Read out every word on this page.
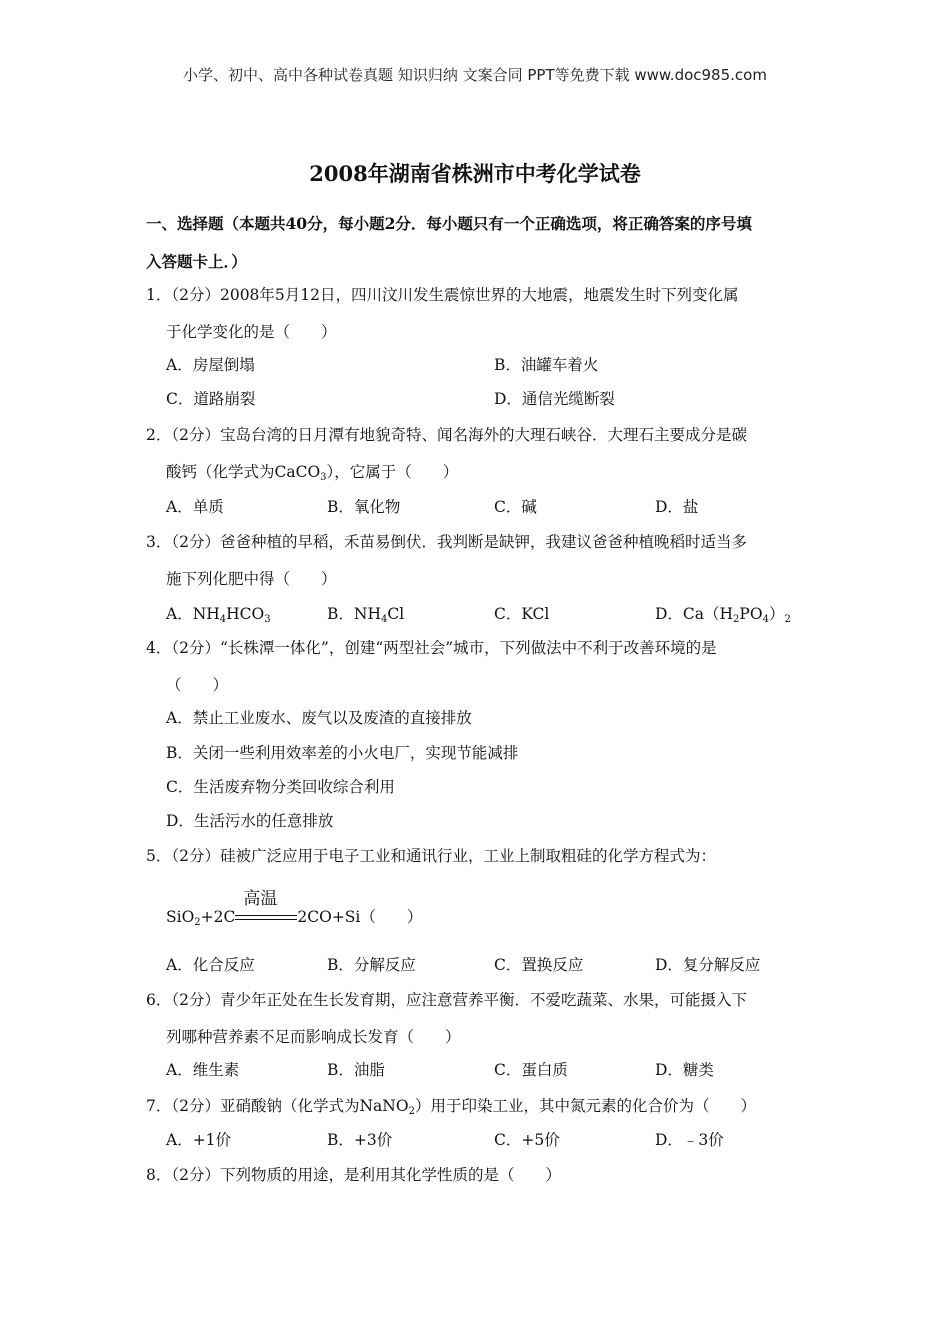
小学、初中、高中各种试卷真题 知识归纳 文案合同 PPT等免费下载 www.doc985.com
2008年湖南省株洲市中考化学试卷
一、选择题（本题共40分，每小题2分．每小题只有一个正确选项，将正确答案的序号填
入答题卡上．）
1．（2分）2008年5月12日，四川汶川发生震惊世界的大地震，地震发生时下列变化属
于化学变化的是（　　）
A．房屋倒塌	B．油罐车着火
C．道路崩裂	D．通信光缆断裂
2．（2分）宝岛台湾的日月潭有地貌奇特、闻名海外的大理石峡谷．大理石主要成分是碳
酸钙（化学式为CaCO$_3$），它属于（　　）
A．单质	B．氧化物	C．碱	D．盐
3．（2分）爸爸种植的早稻，禾苗易倒伏．我判断是缺钾，我建议爸爸种植晚稻时适当多
施下列化肥中得（　　）
A．$NH_4HCO_3$	B．$NH_4Cl$	C．KCl	D．$Ca(H_2PO_4)_2$
4．（2分）“长株潭一体化”，创建“两型社会”城市，下列做法中不利于改善环境的是
（　　）
A．禁止工业废水、废气以及废渣的直接排放
B．关闭一些利用效率差的小火电厂，实现节能减排
C．生活废弃物分类回收综合利用
D．生活污水的任意排放
5．（2分）硅被广泛应用于电子工业和通讯行业，工业上制取粗硅的化学方程式为：
SiO$_2$+2C
高温
2CO+Si（　　）
A．化合反应	B．分解反应	C．置换反应	D．复分解反应
6．（2分）青少年正处在生长发育期，应注意营养平衡．不爱吃蔬菜、水果，可能摄入下
列哪种营养素不足而影响成长发育（　　）
A．维生素	B．油脂	C．蛋白质	D．糖类
7．（2分）亚硝酸钠（化学式为NaNO$_2$）用于印染工业，其中氮元素的化合价为（　　）
A．+1价	B．+3价	C．+5价	D．﹣3价
8．（2分）下列物质的用途，是利用其化学性质的是（　　）
